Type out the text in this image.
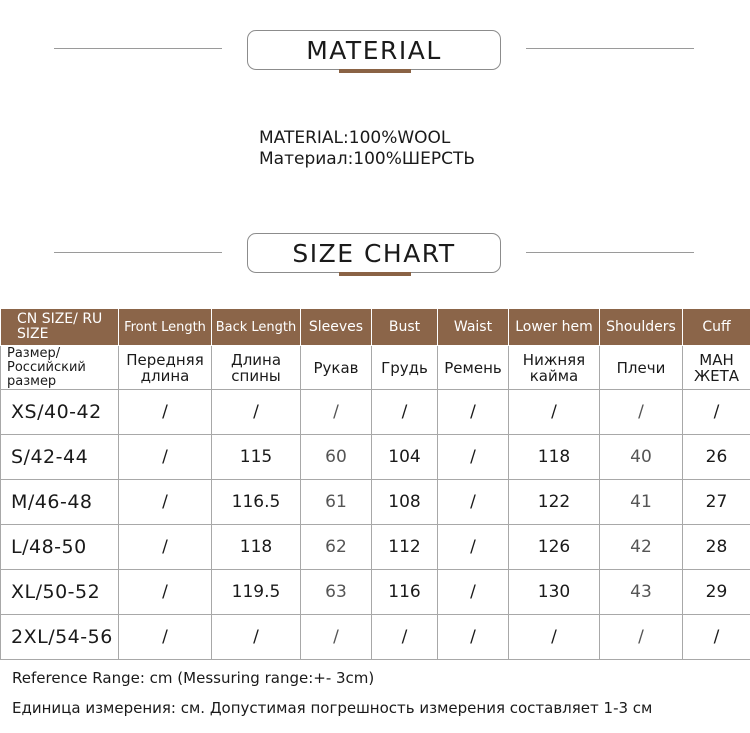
MATERIAL
MATERIAL:100%WOOL
Материал:100%ШЕРСТЬ
SIZE CHART
CN SIZE/ RU SIZE	Front Length	Back Length	Sleeves	Bust	Waist	Lower hem	Shoulders	Cuff
Размер/ Российский размер	Передняя длина	Длина спины	Рукав	Грудь	Ремень	Нижняя кайма	Плечи	МАН ЖЕТА
XS/40-42	/	/	/	/	/	/	/	/
S/42-44	/	115	60	104	/	118	40	26
M/46-48	/	116.5	61	108	/	122	41	27
L/48-50	/	118	62	112	/	126	42	28
XL/50-52	/	119.5	63	116	/	130	43	29
2XL/54-56	/	/	/	/	/	/	/	/
Reference Range: cm (Messuring range:+- 3cm)
Единица измерения: см. Допустимая погрешность измерения составляет 1-3 см
